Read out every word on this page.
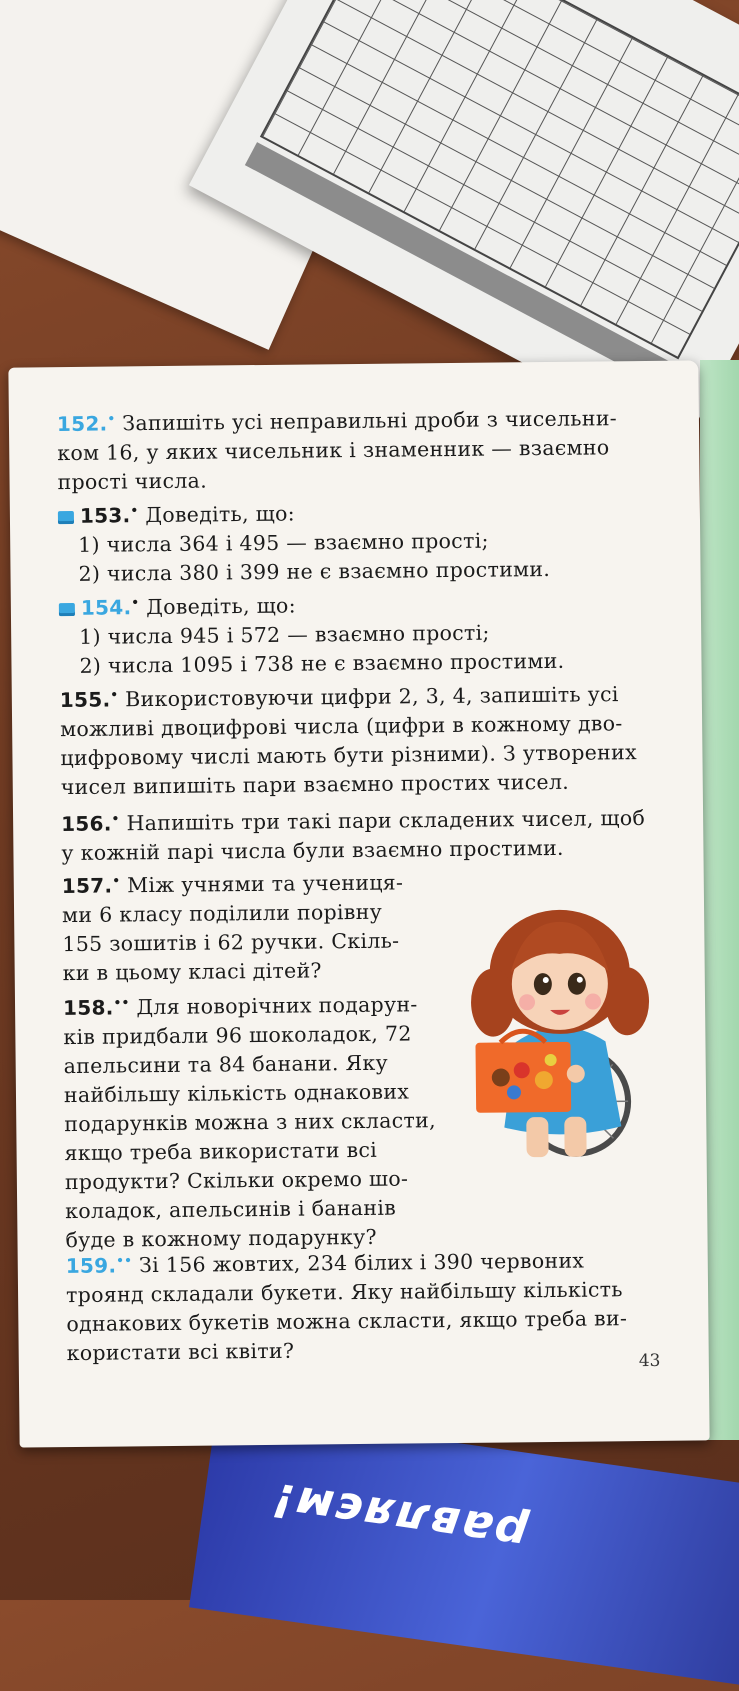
равляєм!
152.• Запишіть усі неправильні дроби з чисельни-
ком 16, у яких чисельник і знаменник — взаємно
прості числа.
153.• Доведіть, що:
1) числа 364 і 495 — взаємно прості;
2) числа 380 і 399 не є взаємно простими.
154.• Доведіть, що:
1) числа 945 і 572 — взаємно прості;
2) числа 1095 і 738 не є взаємно простими.
155.• Використовуючи цифри 2, 3, 4, запишіть усі
можливі двоцифрові числа (цифри в кожному дво-
цифровому числі мають бути різними). З утворених
чисел випишіть пари взаємно простих чисел.
156.• Напишіть три такі пари складених чисел, щоб
у кожній парі числа були взаємно простими.
157.• Між учнями та учениця-
ми 6 класу поділили порівну
155 зошитів і 62 ручки. Скіль-
ки в цьому класі дітей?
158.•• Для новорічних подарун-
ків придбали 96 шоколадок, 72
апельсини та 84 банани. Яку
найбільшу кількість однакових
подарунків можна з них скласти,
якщо треба використати всі
продукти? Скільки окремо шо-
коладок, апельсинів і бананів
буде в кожному подарунку?
159.•• Зі 156 жовтих, 234 білих і 390 червоних
троянд складали букети. Яку найбільшу кількість
однакових букетів можна скласти, якщо треба ви-
користати всі квіти?	43
